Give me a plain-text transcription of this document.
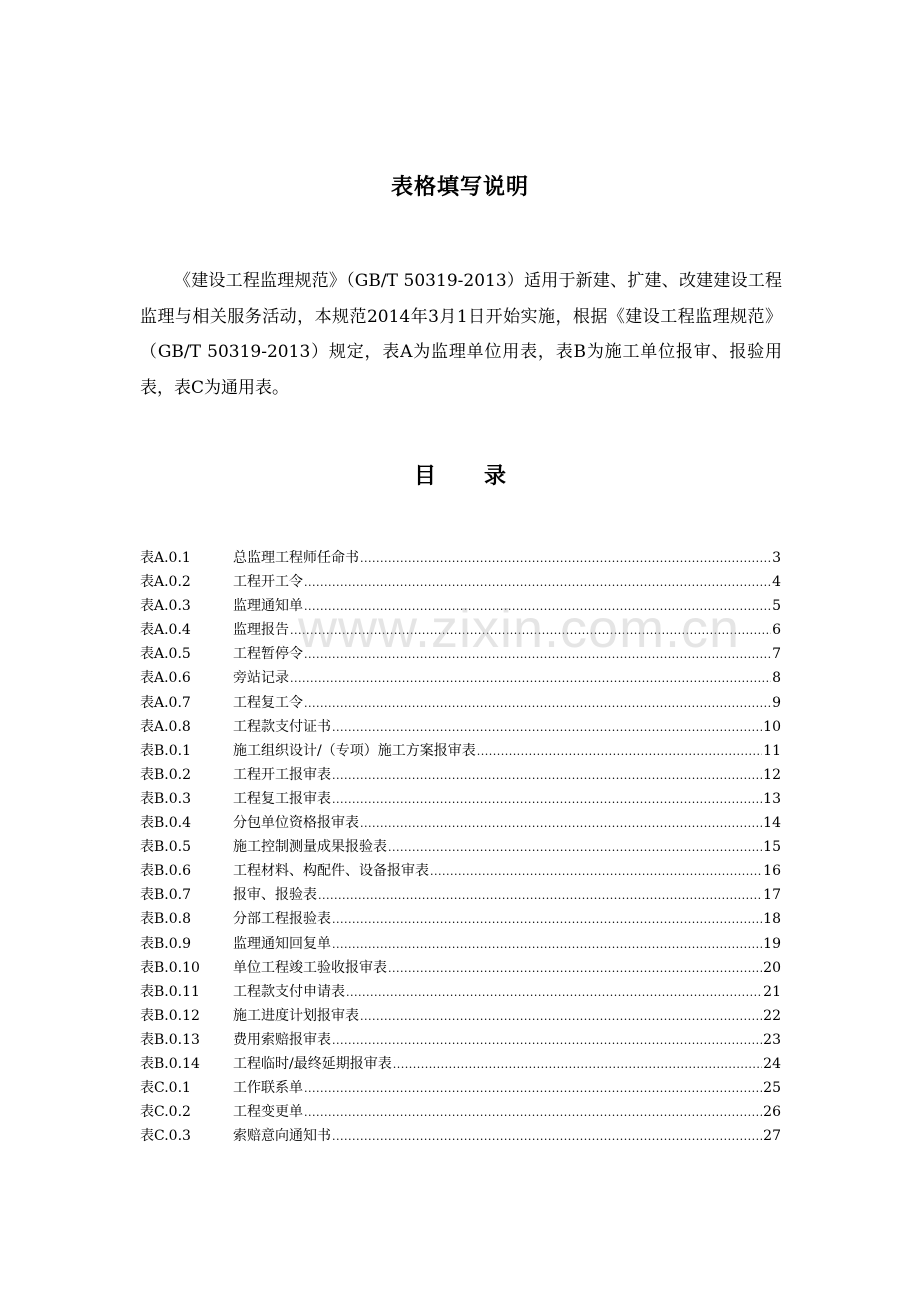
表格填写说明
《建设工程监理规范》（GB/T 50319-2013）适用于新建、扩建、改建建设工程监理与相关服务活动，本规范2014年3月1日开始实施，根据《建设工程监理规范》（GB/T 50319-2013）规定，表A为监理单位用表，表B为施工单位报审、报验用表，表C为通用表。
目 录
表A.0.1	总监理工程师任命书 .....	3
表A.0.2	工程开工令 .....	4
表A.0.3	监理通知单 .....	5
表A.0.4	监理报告 .....	6
表A.0.5	工程暂停令 .....	7
表A.0.6	旁站记录 .....	8
表A.0.7	工程复工令 .....	9
表A.0.8	工程款支付证书 .....	10
表B.0.1	施工组织设计/（专项）施工方案报审表 .....	11
表B.0.2	工程开工报审表 .....	12
表B.0.3	工程复工报审表 .....	13
表B.0.4	分包单位资格报审表 .....	14
表B.0.5	施工控制测量成果报验表 .....	15
表B.0.6	工程材料、构配件、设备报审表 .....	16
表B.0.7	报审、报验表 .....	17
表B.0.8	分部工程报验表 .....	18
表B.0.9	监理通知回复单 .....	19
表B.0.10	单位工程竣工验收报审表 .....	20
表B.0.11	工程款支付申请表 .....	21
表B.0.12	施工进度计划报审表 .....	22
表B.0.13	费用索赔报审表 .....	23
表B.0.14	工程临时/最终延期报审表 .....	24
表C.0.1	工作联系单 .....	25
表C.0.2	工程变更单 .....	26
表C.0.3	索赔意向通知书 .....	27
www.zixin.com.cn
